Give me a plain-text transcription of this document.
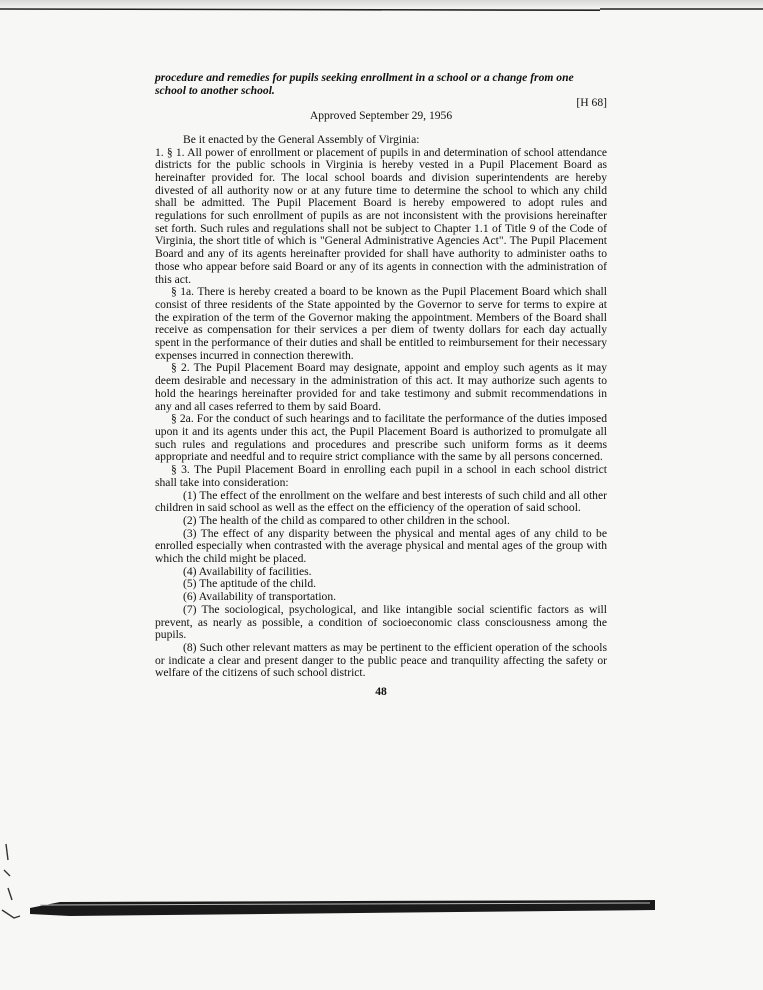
procedure and remedies for pupils seeking enrollment in a school or a change from one school to another school.

[H 68]

Approved September 29, 1956

Be it enacted by the General Assembly of Virginia:

1. § 1. All power of enrollment or placement of pupils in and determination of school attendance districts for the public schools in Virginia is hereby vested in a Pupil Placement Board as hereinafter provided for. The local school boards and division superintendents are hereby divested of all authority now or at any future time to determine the school to which any child shall be admitted. The Pupil Placement Board is hereby empowered to adopt rules and regulations for such enrollment of pupils as are not inconsistent with the provisions hereinafter set forth. Such rules and regulations shall not be subject to Chapter 1.1 of Title 9 of the Code of Virginia, the short title of which is "General Administrative Agencies Act". The Pupil Placement Board and any of its agents hereinafter provided for shall have authority to administer oaths to those who appear before said Board or any of its agents in connection with the administration of this act.

§ 1a. There is hereby created a board to be known as the Pupil Placement Board which shall consist of three residents of the State appointed by the Governor to serve for terms to expire at the expiration of the term of the Governor making the appointment. Members of the Board shall receive as compensation for their services a per diem of twenty dollars for each day actually spent in the performance of their duties and shall be entitled to reimbursement for their necessary expenses incurred in connection therewith.

§ 2. The Pupil Placement Board may designate, appoint and employ such agents as it may deem desirable and necessary in the administration of this act. It may authorize such agents to hold the hearings hereinafter provided for and take testimony and submit recommendations in any and all cases referred to them by said Board.

§ 2a. For the conduct of such hearings and to facilitate the performance of the duties imposed upon it and its agents under this act, the Pupil Placement Board is authorized to promulgate all such rules and regulations and procedures and prescribe such uniform forms as it deems appropriate and needful and to require strict compliance with the same by all persons concerned.

§ 3. The Pupil Placement Board in enrolling each pupil in a school in each school district shall take into consideration:

(1) The effect of the enrollment on the welfare and best interests of such child and all other children in said school as well as the effect on the efficiency of the operation of said school.

(2) The health of the child as compared to other children in the school.

(3) The effect of any disparity between the physical and mental ages of any child to be enrolled especially when contrasted with the average physical and mental ages of the group with which the child might be placed.

(4) Availability of facilities.

(5) The aptitude of the child.

(6) Availability of transportation.

(7) The sociological, psychological, and like intangible social scientific factors as will prevent, as nearly as possible, a condition of socioeconomic class consciousness among the pupils.

(8) Such other relevant matters as may be pertinent to the efficient operation of the schools or indicate a clear and present danger to the public peace and tranquility affecting the safety or welfare of the citizens of such school district.

48
